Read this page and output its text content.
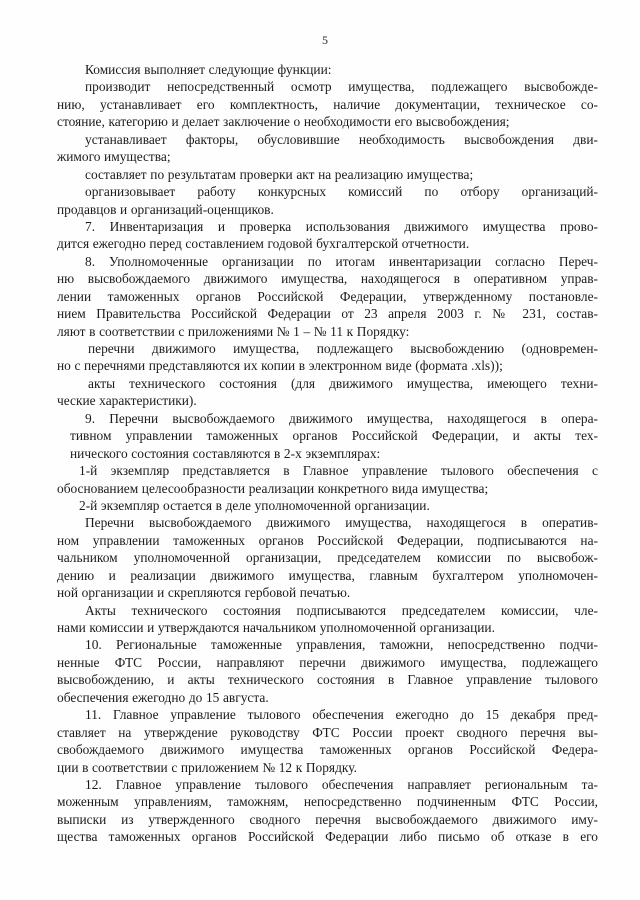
5
Комиссия выполняет следующие функции:
производит непосредственный осмотр имущества, подлежащего высвобожде-
нию, устанавливает его комплектность, наличие документации, техническое со-
стояние, категорию и делает заключение о необходимости его высвобождения;
устанавливает факторы, обусловившие необходимость высвобождения дви-
жимого имущества;
составляет по результатам проверки акт на реализацию имущества;
организовывает работу конкурсных комиссий по отбору организаций-
продавцов и организаций-оценщиков.
7. Инвентаризация и проверка использования движимого имущества прово-
дится ежегодно перед составлением годовой бухгалтерской отчетности.
8. Уполномоченные организации по итогам инвентаризации согласно Переч-
ню высвобождаемого движимого имущества, находящегося в оперативном управ-
лении таможенных органов Российской Федерации, утвержденному постановле-
нием Правительства Российской Федерации от 23 апреля 2003 г. № 231, состав-
ляют в соответствии с приложениями № 1 – № 11 к Порядку:
перечни движимого имущества, подлежащего высвобождению (одновремен-
но с перечнями представляются их копии в электронном виде (формата .xls));
акты технического состояния (для движимого имущества, имеющего техни-
ческие характеристики).
9. Перечни высвобождаемого движимого имущества, находящегося в опера-
тивном управлении таможенных органов Российской Федерации, и акты тех-
нического состояния составляются в 2-х экземплярах:
1-й экземпляр представляется в Главное управление тылового обеспечения с
обоснованием целесообразности реализации конкретного вида имущества;
2-й экземпляр остается в деле уполномоченной организации.
Перечни высвобождаемого движимого имущества, находящегося в оператив-
ном управлении таможенных органов Российской Федерации, подписываются на-
чальником уполномоченной организации, председателем комиссии по высвобож-
дению и реализации движимого имущества, главным бухгалтером уполномочен-
ной организации и скрепляются гербовой печатью.
Акты технического состояния подписываются председателем комиссии, чле-
нами комиссии и утверждаются начальником уполномоченной организации.
10. Региональные таможенные управления, таможни, непосредственно подчи-
ненные ФТС России, направляют перечни движимого имущества, подлежащего
высвобождению, и акты технического состояния в Главное управление тылового
обеспечения ежегодно до 15 августа.
11. Главное управление тылового обеспечения ежегодно до 15 декабря пред-
ставляет на утверждение руководству ФТС России проект сводного перечня вы-
свобождаемого движимого имущества таможенных органов Российской Федера-
ции в соответствии с приложением № 12 к Порядку.
12. Главное управление тылового обеспечения направляет региональным та-
моженным управлениям, таможням, непосредственно подчиненным ФТС России,
выписки из утвержденного сводного перечня высвобождаемого движимого иму-
щества таможенных органов Российской Федерации либо письмо об отказе в его
